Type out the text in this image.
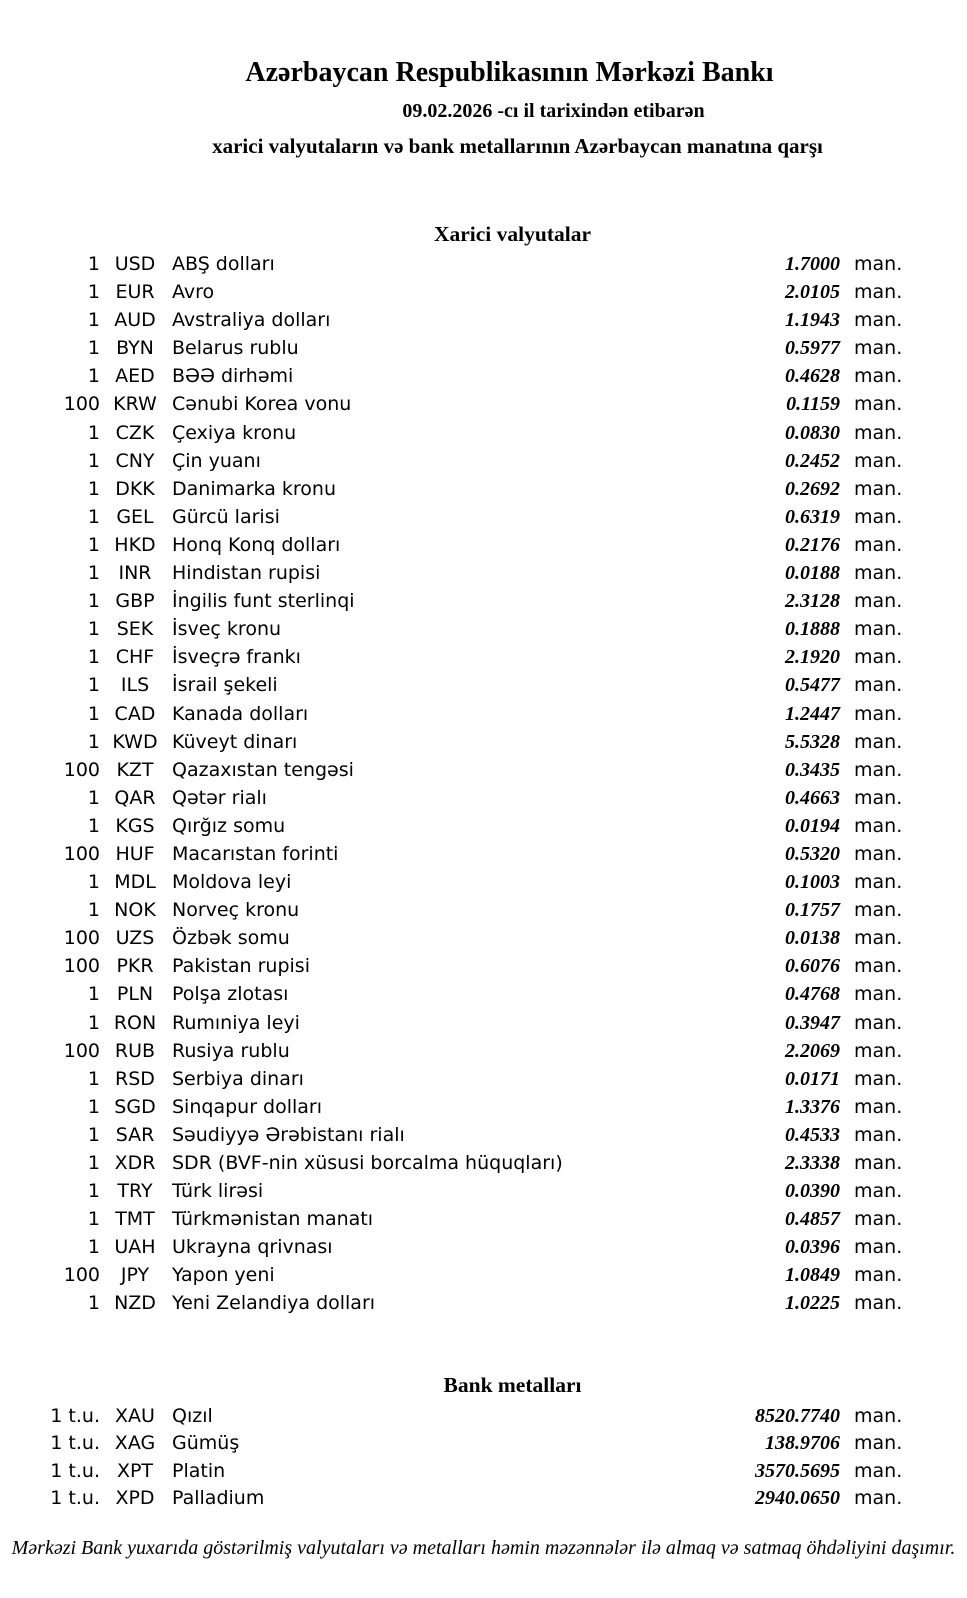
Azərbaycan Respublikasının Mərkəzi Bankı
09.02.2026 -cı il tarixindən etibarən
xarici valyutaların və bank metallarının Azərbaycan manatına qarşı
Xarici valyutalar
1 USD ABŞ dolları	1.7000 man.
1 EUR Avro	2.0105 man.
1 AUD Avstraliya dolları	1.1943 man.
1 BYN Belarus rublu	0.5977 man.
1 AED BƏƏ dirhəmi	0.4628 man.
100 KRW Cənubi Korea vonu	0.1159 man.
1 CZK Çexiya kronu	0.0830 man.
1 CNY Çin yuanı	0.2452 man.
1 DKK Danimarka kronu	0.2692 man.
1 GEL Gürcü larisi	0.6319 man.
1 HKD Honq Konq dolları	0.2176 man.
1 INR	Hindistan rupisi	0.0188 man.
1 GBP İngilis funt sterlinqi	2.3128 man.
1 SEK İsveç kronu	0.1888 man.
1 CHF İsveçrə frankı	2.1920 man.
1	ILS	İsrail şekeli	0.5477 man.
1 CAD Kanada dolları	1.2447 man.
1 KWD Küveyt dinarı	5.5328 man.
100 KZT Qazaxıstan tengəsi	0.3435 man.
1 QAR Qətər rialı	0.4663 man.
1 KGS Qırğız somu	0.0194 man.
100 HUF Macarıstan forinti	0.5320 man.
1 MDL Moldova leyi	0.1003 man.
1 NOK Norveç kronu	0.1757 man.
100 UZS Özbək somu	0.0138 man.
100 PKR Pakistan rupisi	0.6076 man.
1 PLN Polşa zlotası	0.4768 man.
1 RON Rumıniya leyi	0.3947 man.
100 RUB Rusiya rublu	2.2069 man.
1 RSD Serbiya dinarı	0.0171 man.
1 SGD Sinqapur dolları	1.3376 man.
1 SAR Səudiyyə Ərəbistanı rialı	0.4533 man.
1 XDR SDR (BVF-nin xüsusi borcalma hüquqları)	2.3338 man.
1 TRY	Türk lirəsi	0.0390 man.
1 TMT Türkmənistan manatı	0.4857 man.
1 UAH Ukrayna qrivnası	0.0396 man.
100	JPY	Yapon yeni	1.0849 man.
1 NZD Yeni Zelandiya dolları	1.0225 man.
Bank metalları
1 t.u. XAU Qızıl	8520.7740 man.
1 t.u. XAG Gümüş	138.9706 man.
1 t.u. XPT Platin	3570.5695 man.
1 t.u. XPD Palladium	2940.0650 man.
Mərkəzi Bank yuxarıda göstərilmiş valyutaları və metalları həmin məzənnələr ilə almaq və satmaq öhdəliyini daşımır.
